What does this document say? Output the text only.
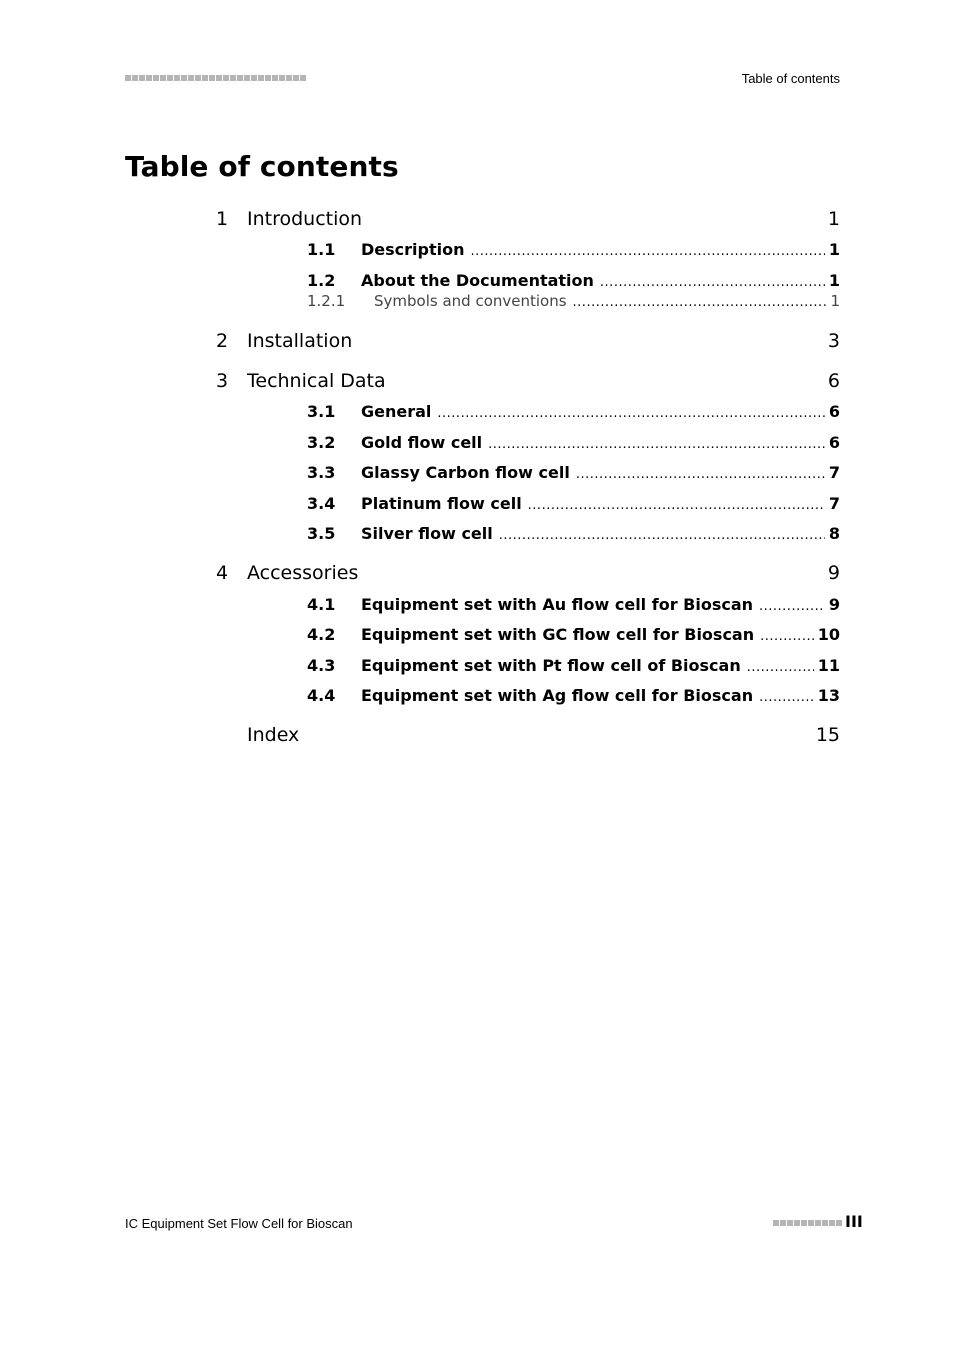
Table of contents
Table of contents
1 Introduction	1
1.1	Description .....	1
1.2	About the Documentation .....	1
1.2.1	Symbols and conventions .....	1
2 Installation	3
3 Technical Data	6
3.1	General .....	6
3.2	Gold flow cell .....	6
3.3	Glassy Carbon flow cell .....	7
3.4	Platinum flow cell .....	7
3.5	Silver flow cell .....	8
4 Accessories	9
4.1	Equipment set with Au flow cell for Bioscan .....	9
4.2	Equipment set with GC flow cell for Bioscan .....	10
4.3	Equipment set with Pt flow cell of Bioscan .....	11
4.4	Equipment set with Ag flow cell for Bioscan .....	13
Index	15
IC Equipment Set Flow Cell for Bioscan	III
